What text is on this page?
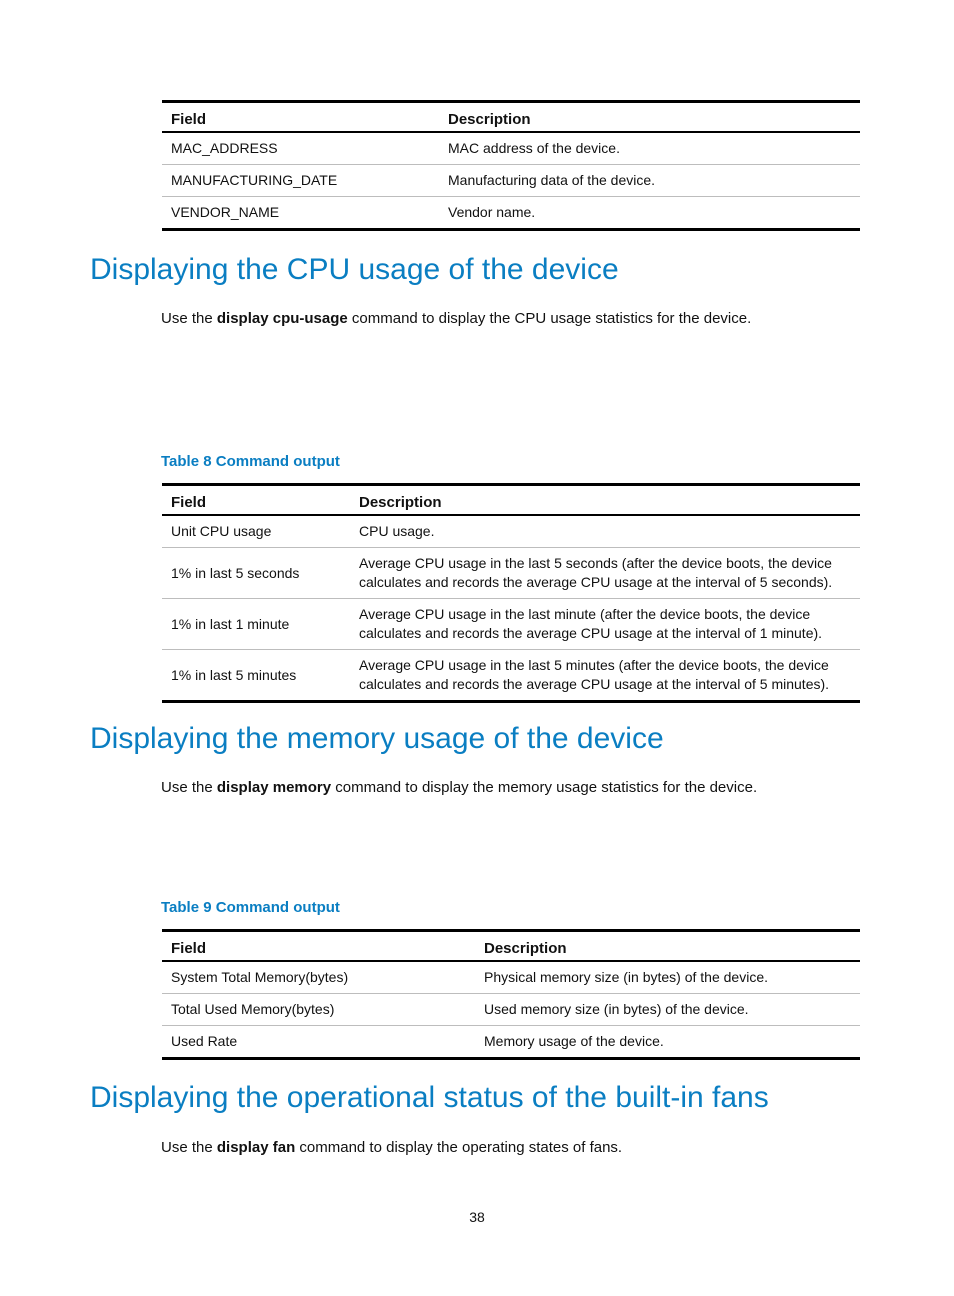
Field	Description
MAC_ADDRESS	MAC address of the device.
MANUFACTURING_DATE	Manufacturing data of the device.
VENDOR_NAME	Vendor name.
Displaying the CPU usage of the device

Use the display cpu-usage command to display the CPU usage statistics for the device.

Table 8 Command output
Field	Description
Unit CPU usage	CPU usage.
1% in last 5 seconds	Average CPU usage in the last 5 seconds (after the device boots, the device calculates and records the average CPU usage at the interval of 5 seconds).
1% in last 1 minute	Average CPU usage in the last minute (after the device boots, the device calculates and records the average CPU usage at the interval of 1 minute).
1% in last 5 minutes	Average CPU usage in the last 5 minutes (after the device boots, the device calculates and records the average CPU usage at the interval of 5 minutes).
Displaying the memory usage of the device

Use the display memory command to display the memory usage statistics for the device.

Table 9 Command output
Field	Description
System Total Memory(bytes)	Physical memory size (in bytes) of the device.
Total Used Memory(bytes)	Used memory size (in bytes) of the device.
Used Rate	Memory usage of the device.
Displaying the operational status of the built-in fans

Use the display fan command to display the operating states of fans.

38
